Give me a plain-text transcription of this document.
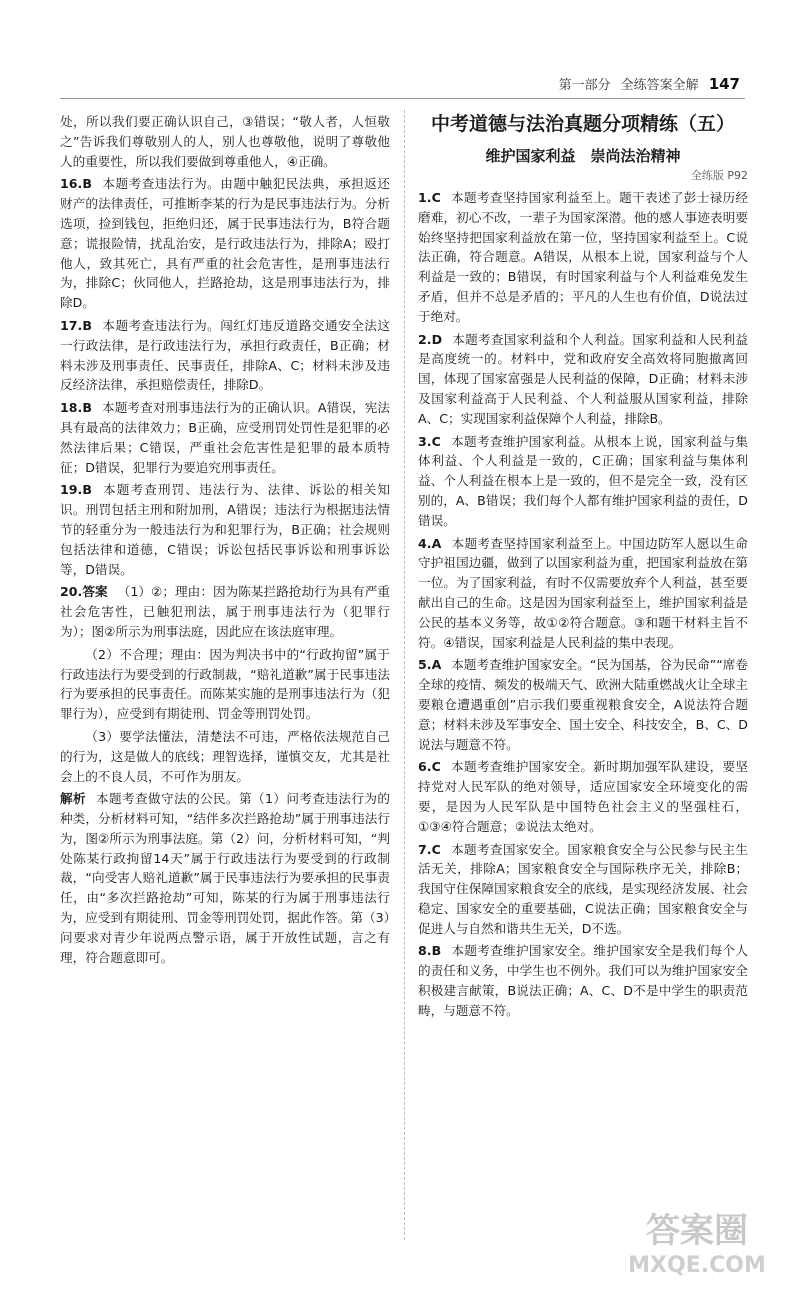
第一部分 全练答案全解 147

处，所以我们要正确认识自己，③错误；“敬人者，人恒敬之”告诉我们尊敬别人的人，别人也尊敬他，说明了尊敬他人的重要性，所以我们要做到尊重他人，④正确。

16.B 本题考查违法行为。由题中触犯民法典，承担返还财产的法律责任，可推断李某的行为是民事违法行为。分析选项，捡到钱包，拒绝归还，属于民事违法行为，B符合题意；谎报险情，扰乱治安，是行政违法行为，排除A；殴打他人，致其死亡，具有严重的社会危害性，是刑事违法行为，排除C；伙同他人，拦路抢劫，这是刑事违法行为，排除D。

17.B 本题考查违法行为。闯红灯违反道路交通安全法这一行政法律，是行政违法行为，承担行政责任，B正确；材料未涉及刑事责任、民事责任，排除A、C；材料未涉及违反经济法律，承担赔偿责任，排除D。

18.B 本题考查对刑事违法行为的正确认识。A错误，宪法具有最高的法律效力；B正确，应受刑罚处罚性是犯罪的必然法律后果；C错误，严重社会危害性是犯罪的最本质特征；D错误，犯罪行为要追究刑事责任。

19.B 本题考查刑罚、违法行为、法律、诉讼的相关知识。刑罚包括主刑和附加刑，A错误；违法行为根据违法情节的轻重分为一般违法行为和犯罪行为，B正确；社会规则包括法律和道德，C错误；诉讼包括民事诉讼和刑事诉讼等，D错误。

20.答案 （1）②；理由：因为陈某拦路抢劫行为具有严重社会危害性，已触犯刑法，属于刑事违法行为（犯罪行为）；图②所示为刑事法庭，因此应在该法庭审理。

（2）不合理；理由：因为判决书中的“行政拘留”属于行政违法行为要受到的行政制裁，“赔礼道歉”属于民事违法行为要承担的民事责任。而陈某实施的是刑事违法行为（犯罪行为），应受到有期徒刑、罚金等刑罚处罚。

（3）要学法懂法，清楚法不可违，严格依法规范自己的行为，这是做人的底线；理智选择，谨慎交友，尤其是社会上的不良人员，不可作为朋友。

解析 本题考查做守法的公民。第（1）问考查违法行为的种类，分析材料可知，“结伴多次拦路抢劫”属于刑事违法行为，图②所示为刑事法庭。第（2）问，分析材料可知，“判处陈某行政拘留14天”属于行政违法行为要受到的行政制裁，“向受害人赔礼道歉”属于民事违法行为要承担的民事责任，由“多次拦路抢劫”可知，陈某的行为属于刑事违法行为，应受到有期徒刑、罚金等刑罚处罚，据此作答。第（3）问要求对青少年说两点警示语，属于开放性试题，言之有理，符合题意即可。

中考道德与法治真题分项精练（五）
维护国家利益　崇尚法治精神
全练版 P92

1.C 本题考查坚持国家利益至上。题干表述了彭士禄历经磨难，初心不改，一辈子为国家深潜。他的感人事迹表明要始终坚持把国家利益放在第一位，坚持国家利益至上。C说法正确，符合题意。A错误，从根本上说，国家利益与个人利益是一致的；B错误，有时国家利益与个人利益难免发生矛盾，但并不总是矛盾的；平凡的人生也有价值，D说法过于绝对。

2.D 本题考查国家利益和个人利益。国家利益和人民利益是高度统一的。材料中，党和政府安全高效将同胞撤离回国，体现了国家富强是人民利益的保障，D正确；材料未涉及国家利益高于人民利益、个人利益服从国家利益，排除A、C；实现国家利益保障个人利益，排除B。

3.C 本题考查维护国家利益。从根本上说，国家利益与集体利益、个人利益是一致的，C正确；国家利益与集体利益、个人利益在根本上是一致的，但不是完全一致，没有区别的，A、B错误；我们每个人都有维护国家利益的责任，D错误。

4.A 本题考查坚持国家利益至上。中国边防军人愿以生命守护祖国边疆，做到了以国家利益为重，把国家利益放在第一位。为了国家利益，有时不仅需要放弃个人利益，甚至要献出自己的生命。这是因为国家利益至上，维护国家利益是公民的基本义务等，故①②符合题意。③和题干材料主旨不符。④错误，国家利益是人民利益的集中表现。

5.A 本题考查维护国家安全。“民为国基，谷为民命”“席卷全球的疫情、频发的极端天气、欧洲大陆重燃战火让全球主要粮仓遭遇重创”启示我们要重视粮食安全，A说法符合题意；材料未涉及军事安全、国土安全、科技安全，B、C、D说法与题意不符。

6.C 本题考查维护国家安全。新时期加强军队建设，要坚持党对人民军队的绝对领导，适应国家安全环境变化的需要，是因为人民军队是中国特色社会主义的坚强柱石，①③④符合题意；②说法太绝对。

7.C 本题考查国家安全。国家粮食安全与公民参与民主生活无关，排除A；国家粮食安全与国际秩序无关，排除B；我国守住保障国家粮食安全的底线，是实现经济发展、社会稳定、国家安全的重要基础，C说法正确；国家粮食安全与促进人与自然和谐共生无关，D不选。

8.B 本题考查维护国家安全。维护国家安全是我们每个人的责任和义务，中学生也不例外。我们可以为维护国家安全积极建言献策，B说法正确；A、C、D不是中学生的职责范畴，与题意不符。

答案圈
MXQE.COM
